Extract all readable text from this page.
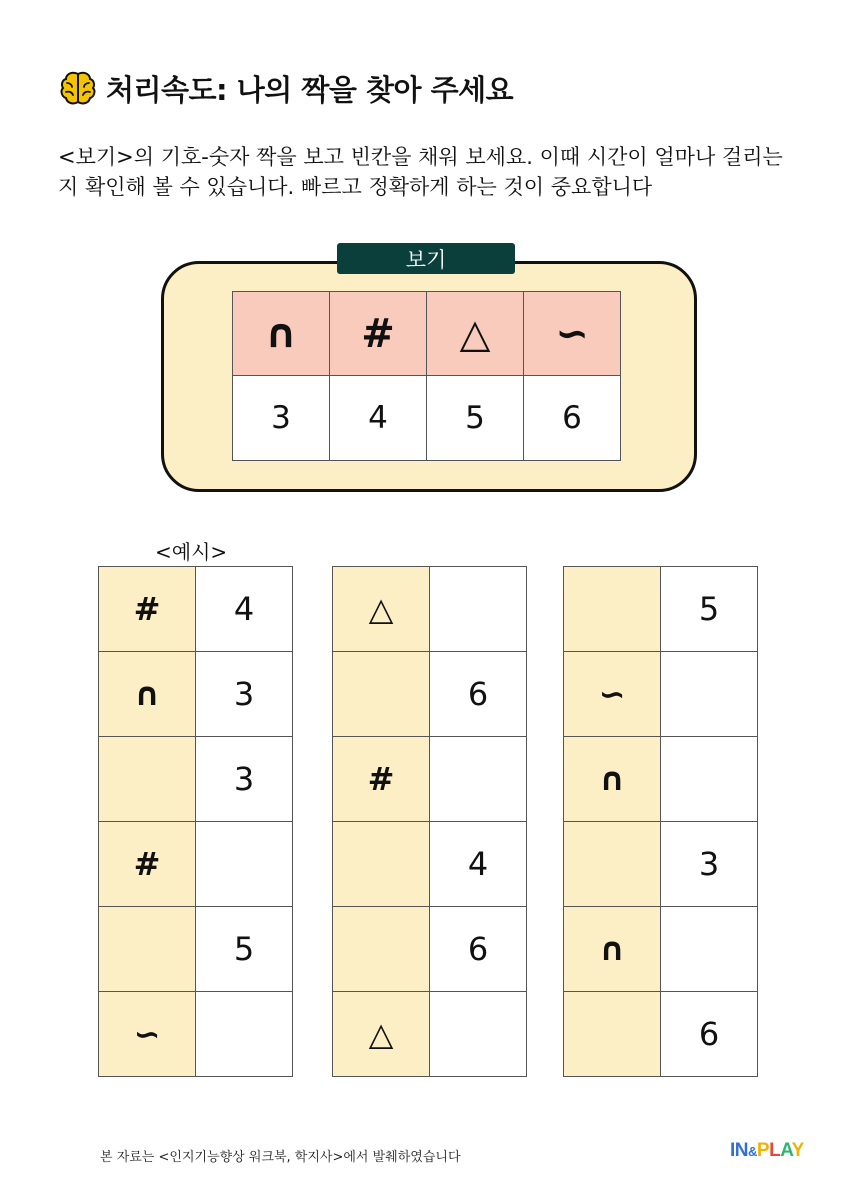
처리속도: 나의 짝을 찾아 주세요
<보기>의 기호-숫자 짝을 보고 빈칸을 채워 보세요. 이때 시간이 얼마나 걸리는지 확인해 볼 수 있습니다. 빠르고 정확하게 하는 것이 중요합니다
보기
∩	#	△	∽
3	4	5	6
<예시>
#	4
∩	3
	3
#	
	5
∽	
△	
	6
#	
	4
	6
△	
	5
∽	
∩	
	3
∩	
	6
본 자료는 <인지기능향상 워크북, 학지사>에서 발췌하였습니다	IN&PLAY
